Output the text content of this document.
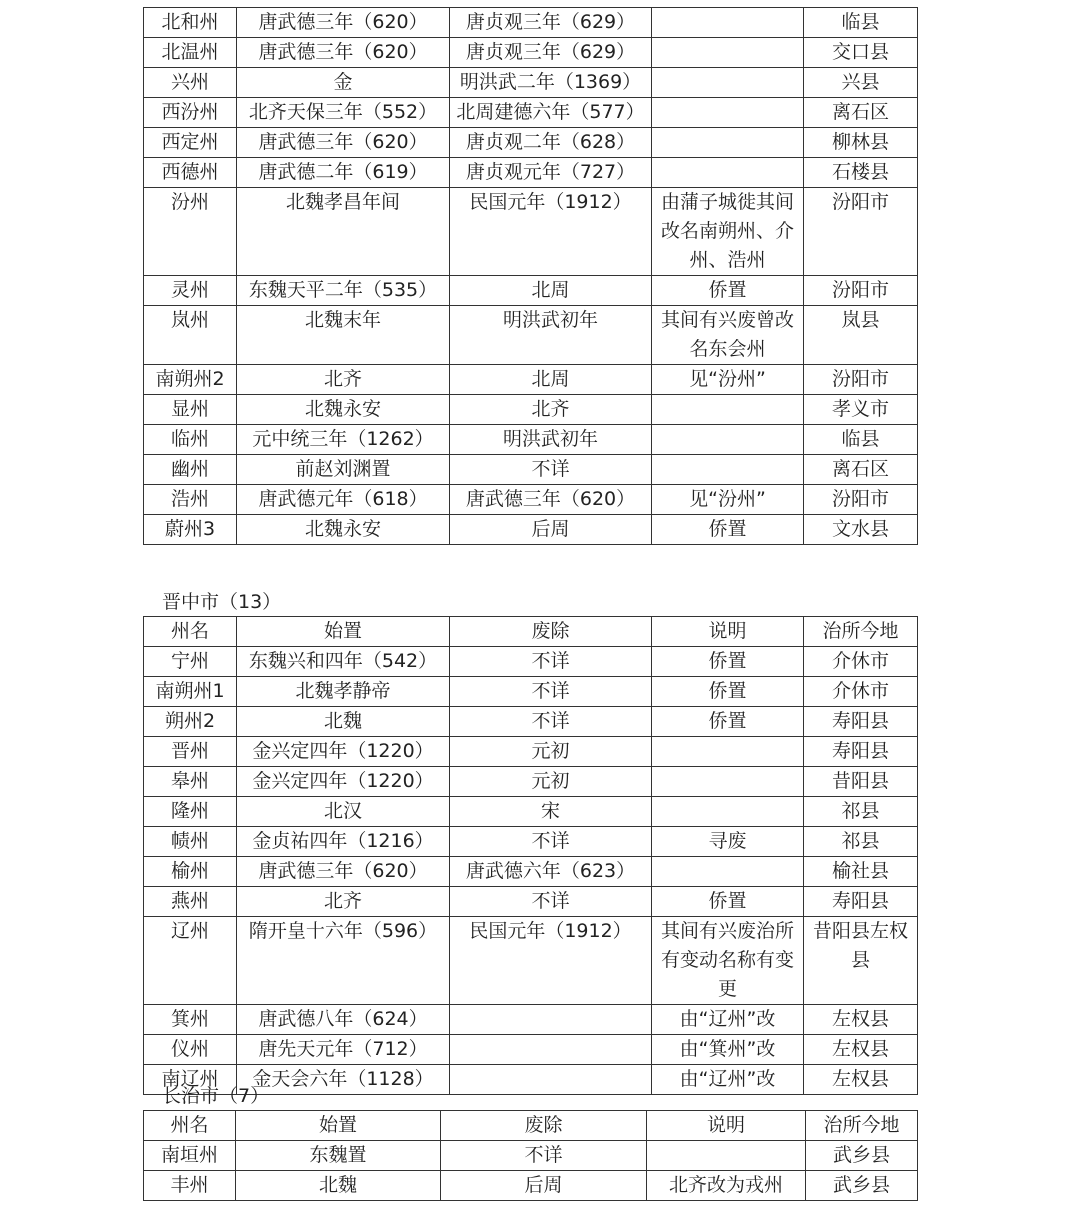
北和州	唐武德三年（620）	唐贞观三年（629）		临县
北温州	唐武德三年（620）	唐贞观三年（629）		交口县
兴州	金	明洪武二年（1369）		兴县
西汾州	北齐天保三年（552）	北周建德六年（577）		离石区
西定州	唐武德三年（620）	唐贞观二年（628）		柳林县
西德州	唐武德二年（619）	唐贞观元年（727）		石楼县
汾州	北魏孝昌年间	民国元年（1912）	由蒲子城徙其间改名南朔州、介州、浩州	汾阳市
灵州	东魏天平二年（535）	北周	侨置	汾阳市
岚州	北魏末年	明洪武初年	其间有兴废曾改名东会州	岚县
南朔州2	北齐	北周	见“汾州”	汾阳市
显州	北魏永安	北齐		孝义市
临州	元中统三年（1262）	明洪武初年		临县
幽州	前赵刘渊置	不详		离石区
浩州	唐武德元年（618）	唐武德三年（620）	见“汾州”	汾阳市
蔚州3	北魏永安	后周	侨置	文水县
晋中市（13）
州名	始置	废除	说明	治所今地
宁州	东魏兴和四年（542）	不详	侨置	介休市
南朔州1	北魏孝静帝	不详	侨置	介休市
朔州2	北魏	不详	侨置	寿阳县
晋州	金兴定四年（1220）	元初		寿阳县
皋州	金兴定四年（1220）	元初		昔阳县
隆州	北汉	宋		祁县
帻州	金贞祐四年（1216）	不详	寻废	祁县
榆州	唐武德三年（620）	唐武德六年（623）		榆社县
燕州	北齐	不详	侨置	寿阳县
辽州	隋开皇十六年（596）	民国元年（1912）	其间有兴废治所有变动名称有变更	昔阳县左权县
箕州	唐武德八年（624）		由“辽州”改	左权县
仪州	唐先天元年（712）		由“箕州”改	左权县
南辽州	金天会六年（1128）		由“辽州”改	左权县
长治市（7）
州名	始置	废除	说明	治所今地
南垣州	东魏置	不详		武乡县
丰州	北魏	后周	北齐改为戎州	武乡县
